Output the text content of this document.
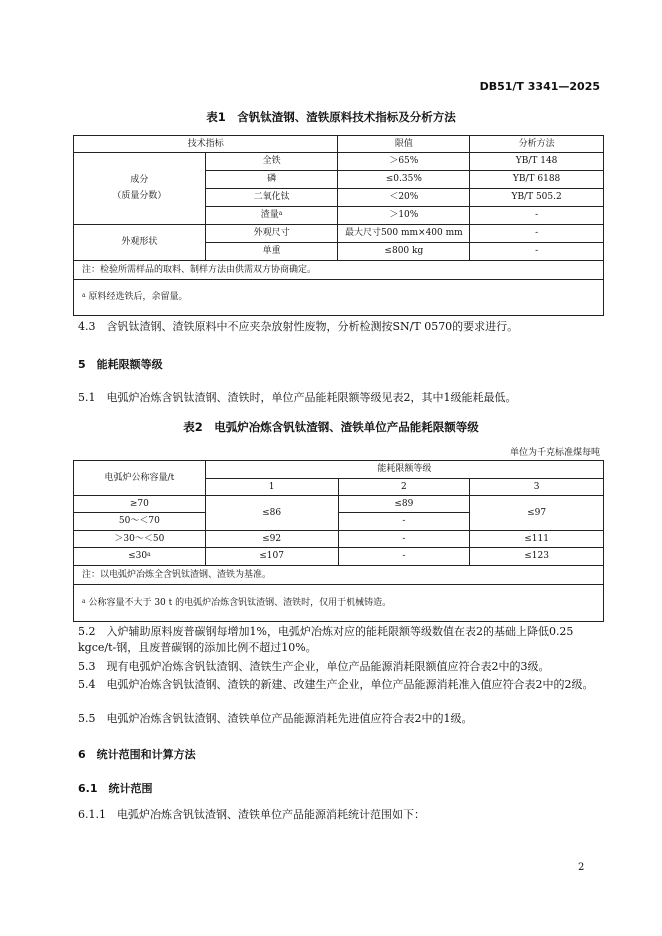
DB51/T 3341—2025
表1　含钒钛渣钢、渣铁原料技术指标及分析方法
技术指标		限值	分析方法

成分
（质量分数）	全铁	＞65%	YB/T 148
	磷	≤0.35%	YB/T 6188
	二氧化钛	＜20%	YB/T 505.2
	渣量$^a$	＞10%	-
外观形状	外观尺寸	最大尺寸500 mm×400 mm	-
	单重	≤800 kg	-
注：检验所需样品的取料、制样方法由供需双方协商确定。			
$^a$ 原料经选铁后，余留量。			
4.3　含钒钛渣钢、渣铁原料中不应夹杂放射性废物，分析检测按SN/T 0570的要求进行。
5　能耗限额等级
5.1　电弧炉冶炼含钒钛渣钢、渣铁时，单位产品能耗限额等级见表2，其中1级能耗最低。
表2　电弧炉冶炼含钒钛渣钢、渣铁单位产品能耗限额等级
单位为千克标准煤每吨
电弧炉公称容量/t	能耗限额等级		
	1	2	3
≥70	≤86	≤89	≤97
50～＜70		-	
＞30～＜50	≤92	-	≤111
$\le 30^a$	≤107	-	≤123
注：以电弧炉冶炼全含钒钛渣钢、渣铁为基准。			
$^a$ 公称容量不大于 30 t 的电弧炉冶炼含钒钛渣钢、渣铁时，仅用于机械铸造。			
5.2　入炉辅助原料废普碳钢每增加1%，电弧炉冶炼对应的能耗限额等级数值在表2的基础上降低0.25 kgce/t-钢，且废普碳钢的添加比例不超过10%。
5.3　现有电弧炉冶炼含钒钛渣钢、渣铁生产企业，单位产品能源消耗限额值应符合表2中的3级。
5.4　电弧炉冶炼含钒钛渣钢、渣铁的新建、改建生产企业，单位产品能源消耗准入值应符合表2中的2级。
5.5　电弧炉冶炼含钒钛渣钢、渣铁单位产品能源消耗先进值应符合表2中的1级。
6　统计范围和计算方法
6.1　统计范围
6.1.1　电弧炉冶炼含钒钛渣钢、渣铁单位产品能源消耗统计范围如下：
2
